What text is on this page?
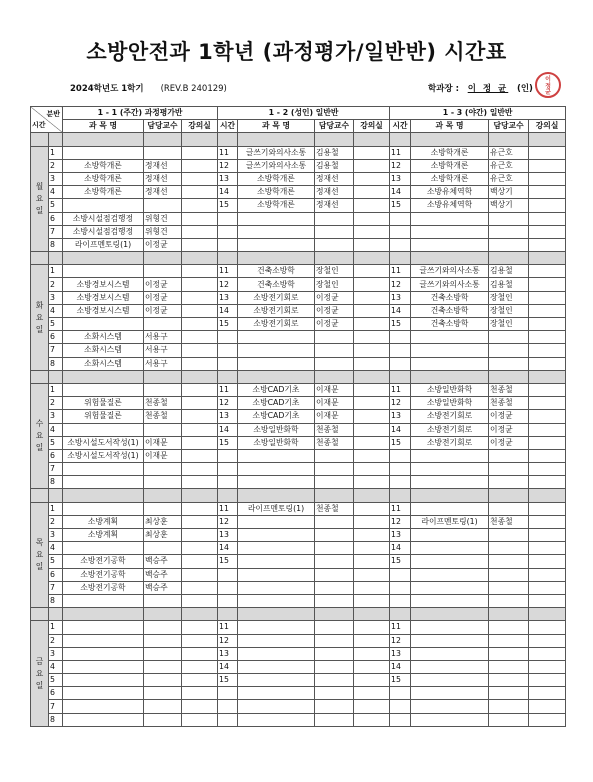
소방안전과 1학년 (과정평가/일반반) 시간표
2024학년도 1학기 (REV.B 240129)	학과장 : 이 정 균 (인)
이
정
균
분반
시간		1 - 1 (주간) 과정평가반			1 - 2 (성인) 일반반				1 - 3 (야간) 일반반			
		과 목 명	담당교수	강의실	시간	과 목 명	담당교수	강의실	시간	과 목 명	담당교수	강의실

월
요
일	1				11	글쓰기와의사소통	김용철		11	소방학개론	유근호	
	2	소방학개론	정재선		12	글쓰기와의사소통	김용철		12	소방학개론	유근호	
	3	소방학개론	정재선		13	소방학개론	정재선		13	소방학개론	유근호	
	4	소방학개론	정재선		14	소방학개론	정재선		14	소방유체역학	백상기	
	5				15	소방학개론	정재선		15	소방유체역학	백상기	
	6	소방시설점검행정	위형건									
	7	소방시설점검행정	위형건									
	8	라이프멘토링(1)	이정균									

화
요
일	1				11	건축소방학	장철인		11	글쓰기와의사소통	김용철	
	2	소방경보시스템	이정균		12	건축소방학	장철인		12	글쓰기와의사소통	김용철	
	3	소방경보시스템	이정균		13	소방전기회로	이정균		13	건축소방학	장철인	
	4	소방경보시스템	이정균		14	소방전기회로	이정균		14	건축소방학	장철인	
	5				15	소방전기회로	이정균		15	건축소방학	장철인	
	6	소화시스템	서용구									
	7	소화시스템	서용구									
	8	소화시스템	서용구									

수
요
일	1				11	소방CAD기초	이재문		11	소방일반화학	천종철	
	2	위험물질론	천종철		12	소방CAD기초	이재문		12	소방일반화학	천종철	
	3	위험물질론	천종철		13	소방CAD기초	이재문		13	소방전기회로	이정균	
	4				14	소방일반화학	천종철		14	소방전기회로	이정균	
	5	소방시설도서작성(1)	이재문		15	소방일반화학	천종철		15	소방전기회로	이정균	
	6	소방시설도서작성(1)	이재문									
	7											
	8											

목
요
일	1				11	라이프멘토링(1)	천종철		11			
	2	소방계획	최상훈		12				12	라이프멘토링(1)	천종철	
	3	소방계획	최상훈		13				13			
	4				14				14			
	5	소방전기공학	백승주		15				15			
	6	소방전기공학	백승주									
	7	소방전기공학	백승주									
	8											

금
요
일	1				11				11			
	2				12				12			
	3				13				13			
	4				14				14			
	5				15				15			
	6											
	7											
	8											
